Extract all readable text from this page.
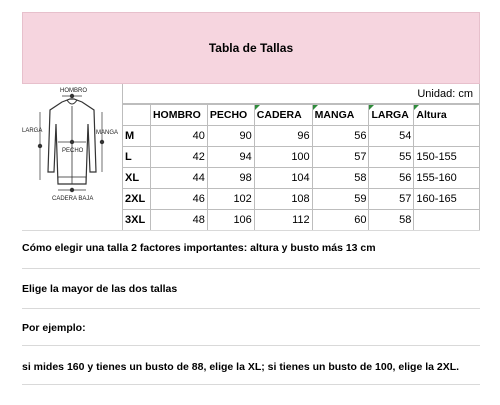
Tabla de Tallas
HOMBRO
LARGA	MANGA
PECHO
CADERA BAJA
Unidad: cm
	HOMBRO	PECHO	CADERA	MANGA	LARGA	Altura
M	40	90	96	56	54	
L	42	94	100	57	55	150-155
XL	44	98	104	58	56	155-160
2XL	46	102	108	59	57	160-165
3XL	48	106	112	60	58	
Cómo elegir una talla 2 factores importantes: altura y busto más 13 cm
Elige la mayor de las dos tallas
Por ejemplo:
si mides 160 y tienes un busto de 88, elige la XL; si tienes un busto de 100, elige la 2XL.
